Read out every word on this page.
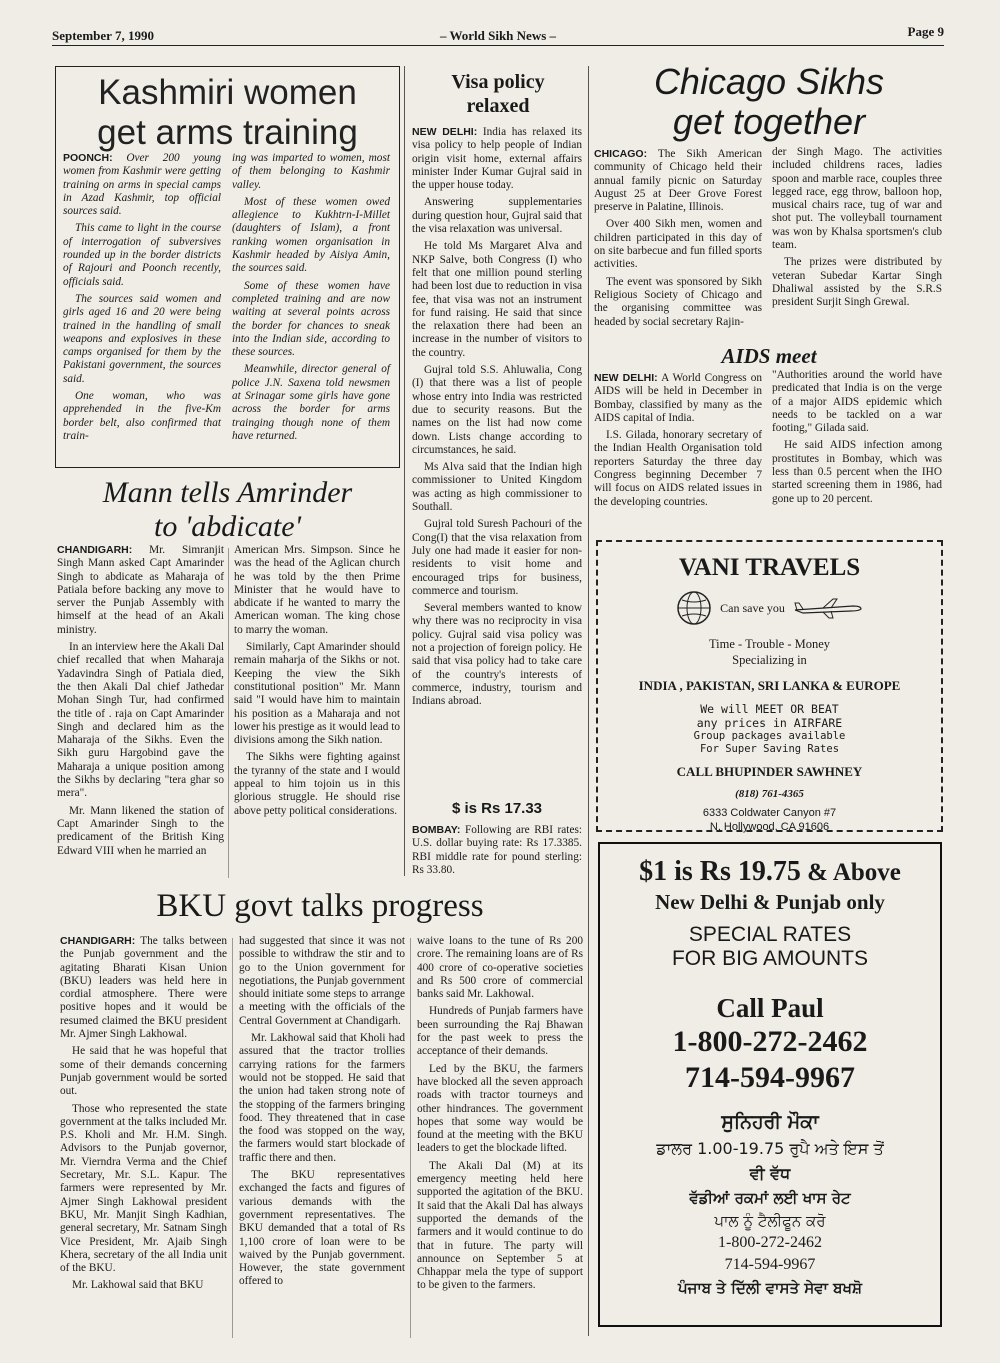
September 7, 1990	– World Sikh News –	Page 9
Kashmiri women
get arms training

POONCH: Over 200 young women from Kashmir were getting training on arms in special camps in Azad Kashmir, top official sources said.

This came to light in the course of interrogation of subversives rounded up in the border districts of Rajouri and Poonch recently, officials said.

The sources said women and girls aged 16 and 20 were being trained in the handling of small weapons and explosives in these camps organised for them by the Pakistani government, the sources said.

One woman, who was apprehended in the five-Km border belt, also confirmed that train-

ing was imparted to women, most of them belonging to Kashmir valley.

Most of these women owed allegience to Kukhtrn-I-Millet (daughters of Islam), a front ranking women organisation in Kashmir headed by Aisiya Amin, the sources said.

Some of these women have completed training and are now waiting at several points across the border for chances to sneak into the Indian side, according to these sources.

Meanwhile, director general of police J.N. Saxena told newsmen at Srinagar some girls have gone across the border for arms trainging though none of them have returned.

Mann tells Amrinder
to 'abdicate'

CHANDIGARH: Mr. Simranjit Singh Mann asked Capt Amarinder Singh to abdicate as Maharaja of Patiala before backing any move to server the Punjab Assembly with himself at the head of an Akali ministry.

In an interview here the Akali Dal chief recalled that when Maharaja Yadavindra Singh of Patiala died, the then Akali Dal chief Jathedar Mohan Singh Tur, had confirmed the title of . raja on Capt Amarinder Singh and declared him as the Maharaja of the Sikhs. Even the Sikh guru Hargobind gave the Maharaja a unique position among the Sikhs by declaring "tera ghar so mera".

Mr. Mann likened the station of Capt Amarinder Singh to the predicament of the British King Edward VIII when he married an

American Mrs. Simpson. Since he was the head of the Aglican church he was told by the then Prime Minister that he would have to abdicate if he wanted to marry the American woman. The king chose to marry the woman.

Similarly, Capt Amarinder should remain maharja of the Sikhs or not. Keeping the view the Sikh constitutional position" Mr. Mann said "I would have him to maintain his position as a Maharaja and not lower his prestige as it would lead to divisions among the Sikh nation.

The Sikhs were fighting against the tyranny of the state and I would appeal to him tojoin us in this glorious struggle. He should rise above petty political considerations.

Visa policy
relaxed

NEW DELHI: India has relaxed its visa policy to help people of Indian origin visit home, external affairs minister Inder Kumar Gujral said in the upper house today.

Answering supplementaries during question hour, Gujral said that the visa relaxation was universal.

He told Ms Margaret Alva and NKP Salve, both Congress (I) who felt that one million pound sterling had been lost due to reduction in visa fee, that visa was not an instrument for fund raising. He said that since the relaxation there had been an increase in the number of visitors to the country.

Gujral told S.S. Ahluwalia, Cong (I) that there was a list of people whose entry into India was restricted due to security reasons. But the names on the list had now come down. Lists change according to circumstances, he said.

Ms Alva said that the Indian high commissioner to United Kingdom was acting as high commissioner to Southall.

Gujral told Suresh Pachouri of the Cong(I) that the visa relaxation from July one had made it easier for non-residents to visit home and encouraged trips for business, commerce and tourism.

Several members wanted to know why there was no reciprocity in visa policy. Gujral said visa policy was not a projection of foreign policy. He said that visa policy had to take care of the country's interests of commerce, industry, tourism and Indians abroad.

$ is Rs 17.33

BOMBAY: Following are RBI rates: U.S. dollar buying rate: Rs 17.3385. RBI middle rate for pound sterling: Rs 33.80.

Chicago Sikhs
get together

CHICAGO: The Sikh American community of Chicago held their annual family picnic on Saturday August 25 at Deer Grove Forest preserve in Palatine, Illinois.

Over 400 Sikh men, women and children participated in this day of on site barbecue and fun filled sports activities.

The event was sponsored by Sikh Religious Society of Chicago and the organising committee was headed by social secretary Rajin-

der Singh Mago. The activities included childrens races, ladies spoon and marble race, couples three legged race, egg throw, balloon hop, musical chairs race, tug of war and shot put. The volleyball tournament was won by Khalsa sportsmen's club team.

The prizes were distributed by veteran Subedar Kartar Singh Dhaliwal assisted by the S.R.S president Surjit Singh Grewal.

AIDS meet

NEW DELHI: A World Congress on AIDS will be held in December in Bombay, classified by many as the AIDS capital of India.

I.S. Gilada, honorary secretary of the Indian Health Organisation told reporters Saturday the three day Congress beginning December 7 will focus on AIDS related issues in the developing countries.

"Authorities around the world have predicated that India is on the verge of a major AIDS epidemic which needs to be tackled on a war footing," Gilada said.

He said AIDS infection among prostitutes in Bombay, which was less than 0.5 percent when the IHO started screening them in 1986, had gone up to 20 percent.

VANI TRAVELS
Can save you
Time - Trouble - Money
Specializing in
INDIA , PAKISTAN, SRI LANKA & EUROPE
We will MEET OR BEAT
any prices in AIRFARE
Group packages available
For Super Saving Rates
CALL BHUPINDER SAWHNEY
(818) 761-4365
6333 Coldwater Canyon #7
N. Hollywood, CA 91606
$1 is Rs 19.75 & Above
New Delhi & Punjab only
SPECIAL RATES
FOR BIG AMOUNTS
Call Paul
1-800-272-2462
714-594-9967
ਸੁਨਿਹਰੀ ਮੌਕਾ
ਡਾਲਰ 1.00-19.75 ਰੁਪੈ ਅਤੇ ਇਸ ਤੋਂ
ਵੀ ਵੱਧ
ਵੱਡੀਆਂ ਰਕਮਾਂ ਲਈ ਖਾਸ ਰੇਟ
ਪਾਲ ਨੂੰ ਟੈਲੀਫੂਨ ਕਰੋ
1-800-272-2462
714-594-9967
ਪੰਜਾਬ ਤੇ ਦਿੱਲੀ ਵਾਸਤੇ ਸੇਵਾ ਬਖਸ਼ੋ
BKU govt talks progress

CHANDIGARH: The talks between the Punjab government and the agitating Bharati Kisan Union (BKU) leaders was held here in cordial atmosphere. There were positive hopes and it would be resumed claimed the BKU president Mr. Ajmer Singh Lakhowal.

He said that he was hopeful that some of their demands concerning Punjab government would be sorted out.

Those who represented the state government at the talks included Mr. P.S. Kholi and Mr. H.M. Singh. Advisors to the Punjab governor, Mr. Vierndra Verma and the Chief Secretary, Mr. S.L. Kapur. The farmers were represented by Mr. Ajmer Singh Lakhowal president BKU, Mr. Manjit Singh Kadhian, general secretary, Mr. Satnam Singh Vice President, Mr. Ajaib Singh Khera, secretary of the all India unit of the BKU.

Mr. Lakhowal said that BKU

had suggested that since it was not possible to withdraw the stir and to go to the Union government for negotiations, the Punjab government should initiate some steps to arrange a meeting with the officials of the Central Government at Chandigarh.

Mr. Lakhowal said that Kholi had assured that the tractor trollies carrying rations for the farmers would not be stopped. He said that the union had taken strong note of the stopping of the farmers bringing food. They threatened that in case the food was stopped on the way, the farmers would start blockade of traffic there and then.

The BKU representatives exchanged the facts and figures of various demands with the government representatives. The BKU demanded that a total of Rs 1,100 crore of loan were to be waived by the Punjab government. However, the state government offered to

waive loans to the tune of Rs 200 crore. The remaining loans are of Rs 400 crore of co-operative societies and Rs 500 crore of commercial banks said Mr. Lakhowal.

Hundreds of Punjab farmers have been surrounding the Raj Bhawan for the past week to press the acceptance of their demands.

Led by the BKU, the farmers have blocked all the seven approach roads with tractor tourneys and other hindrances. The government hopes that some way would be found at the meeting with the BKU leaders to get the blockade lifted.

The Akali Dal (M) at its emergency meeting held here supported the agitation of the BKU. It said that the Akali Dal has always supported the demands of the farmers and it would continue to do that in future. The party will announce on September 5 at Chhappar mela the type of support to be given to the farmers.
